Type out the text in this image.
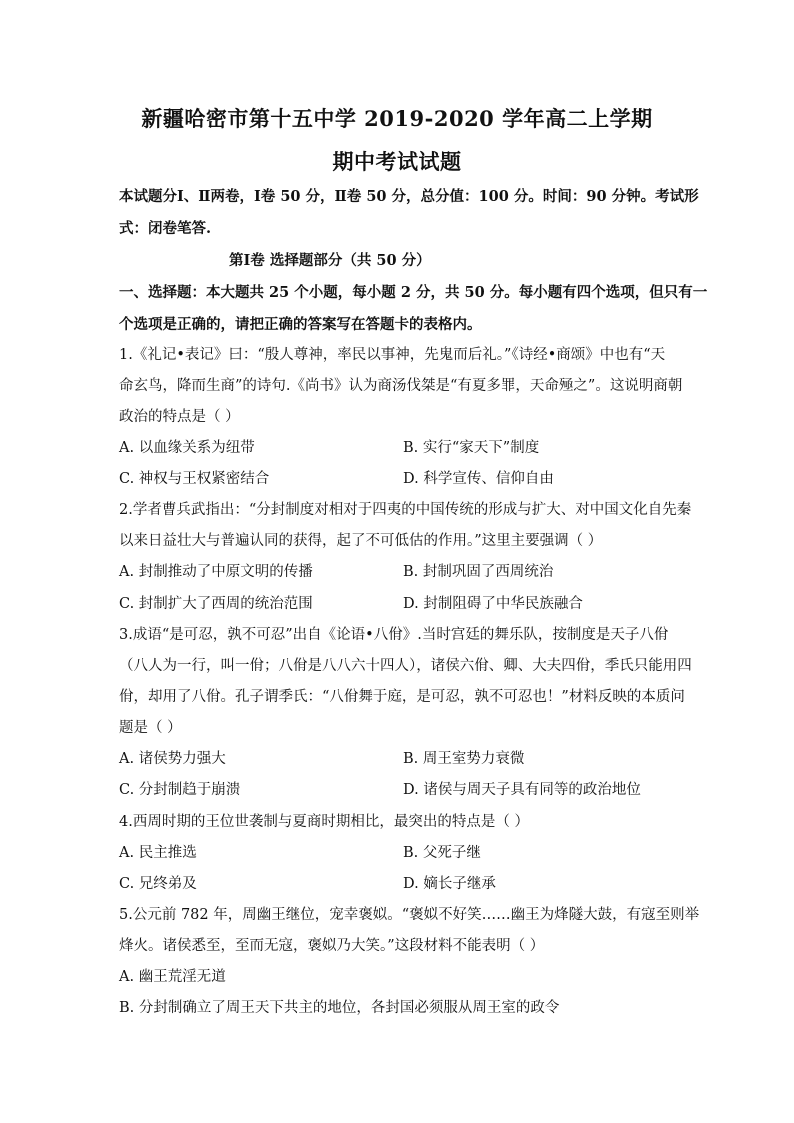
新疆哈密市第十五中学 2019-2020 学年高二上学期
期中考试试题
本试题分Ⅰ、Ⅱ两卷，Ⅰ卷 50 分，Ⅱ卷 50 分，总分值：100 分。时间：90 分钟。考试形
式：闭卷笔答.
第Ⅰ卷 选择题部分（共 50 分）
一、选择题：本大题共 25 个小题，每小题 2 分，共 50 分。每小题有四个选项，但只有一
个选项是正确的，请把正确的答案写在答题卡的表格内。
1.《礼记•表记》曰：“殷人尊神，率民以事神，先鬼而后礼。”《诗经•商颂》中也有“天
命玄鸟，降而生商”的诗句.《尚书》认为商汤伐桀是“有夏多罪，天命殛之”。这说明商朝
政治的特点是（ ）
A. 以血缘关系为纽带	B. 实行“家天下”制度
C. 神权与王权紧密结合	D. 科学宣传、信仰自由
2.学者曹兵武指出：“分封制度对相对于四夷的中国传统的形成与扩大、对中国文化自先秦
以来日益壮大与普遍认同的获得，起了不可低估的作用。”这里主要强调（ ）
A. 封制推动了中原文明的传播	B. 封制巩固了西周统治
C. 封制扩大了西周的统治范围	D. 封制阻碍了中华民族融合
3.成语“是可忍，孰不可忍”出自《论语•八佾》.当时宫廷的舞乐队，按制度是天子八佾
（八人为一行，叫一佾；八佾是八八六十四人），诸侯六佾、卿、大夫四佾，季氏只能用四
佾，却用了八佾。孔子谓季氏：“八佾舞于庭，是可忍，孰不可忍也！”材料反映的本质问
题是（ ）
A. 诸侯势力强大	B. 周王室势力衰微
C. 分封制趋于崩溃	D. 诸侯与周天子具有同等的政治地位
4.西周时期的王位世袭制与夏商时期相比，最突出的特点是（ ）
A. 民主推选	B. 父死子继
C. 兄终弟及	D. 嫡长子继承
5.公元前 782 年，周幽王继位，宠幸褒姒。“褒姒不好笑……幽王为烽隧大鼓，有寇至则举
烽火。诸侯悉至，至而无寇，褒姒乃大笑。”这段材料不能表明（ ）
A. 幽王荒淫无道
B. 分封制确立了周王天下共主的地位，各封国必须服从周王室的政令
